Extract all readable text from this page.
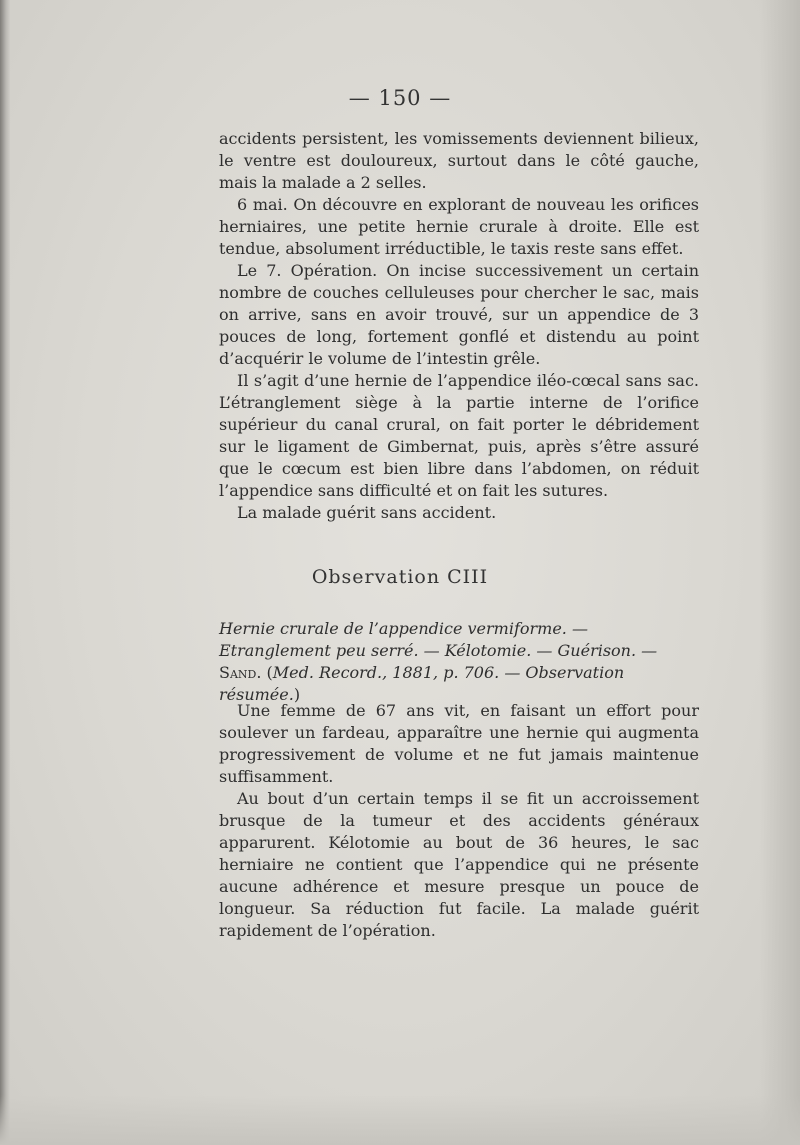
— 150 —

accidents persistent, les vomissements deviennent bilieux, le ventre est douloureux, surtout dans le côté gauche, mais la malade a 2 selles.

6 mai. On découvre en explorant de nouveau les orifices herniaires, une petite hernie crurale à droite. Elle est tendue, absolument irréductible, le taxis reste sans effet.

Le 7. Opération. On incise successivement un certain nombre de couches celluleuses pour chercher le sac, mais on arrive, sans en avoir trouvé, sur un appendice de 3 pouces de long, fortement gonflé et distendu au point d’acquérir le volume de l’intestin grêle.

Il s’agit d’une hernie de l’appendice iléo-cœcal sans sac. L’étranglement siège à la partie interne de l’orifice supérieur du canal crural, on fait porter le débridement sur le ligament de Gimbernat, puis, après s’être assuré que le cœcum est bien libre dans l’abdomen, on réduit l’appendice sans difficulté et on fait les sutures.

La malade guérit sans accident.

Observation CIII
Hernie crurale de l’appendice vermiforme. — Etranglement peu serré. — Kélotomie. — Guérison. — Sand. (Med. Record., 1881, p. 706. — Observation résumée.)

Une femme de 67 ans vit, en faisant un effort pour soulever un fardeau, apparaître une hernie qui augmenta progressivement de volume et ne fut jamais maintenue suffisamment.

Au bout d’un certain temps il se fit un accroissement brusque de la tumeur et des accidents généraux apparurent. Kélotomie au bout de 36 heures, le sac herniaire ne contient que l’appendice qui ne présente aucune adhérence et mesure presque un pouce de longueur. Sa réduction fut facile. La malade guérit rapidement de l’opération.
